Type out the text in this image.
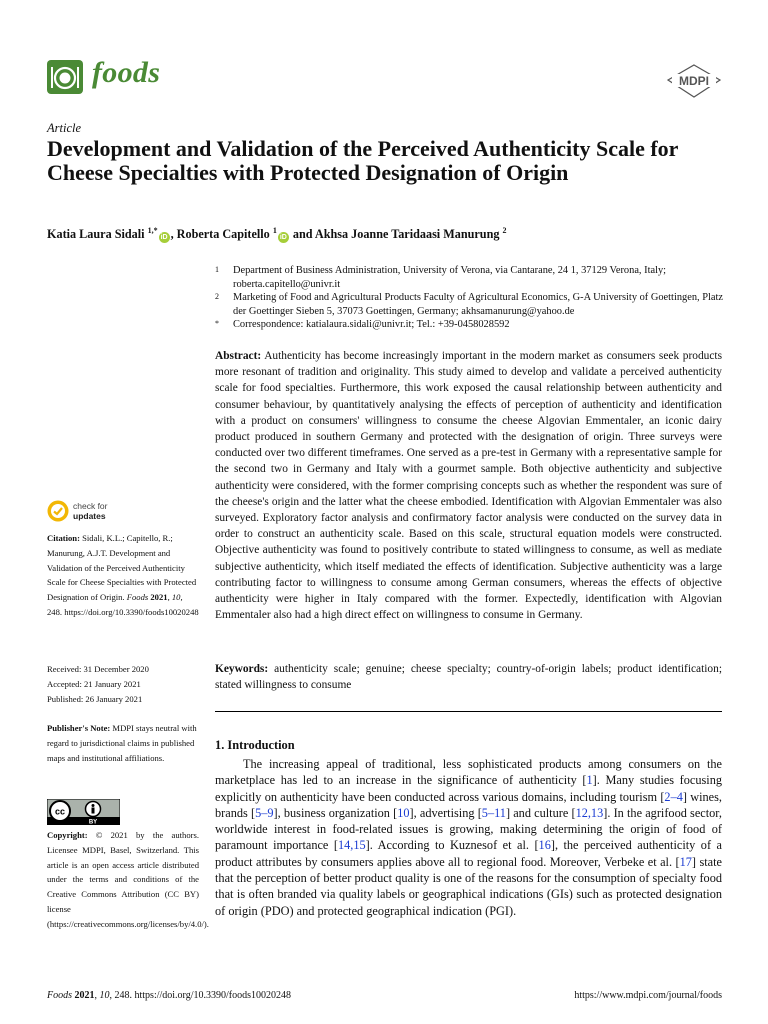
foods	MDPI
Article
Development and Validation of the Perceived Authenticity Scale for Cheese Specialties with Protected Designation of Origin
Katia Laura Sidali $^{1,*}$iD , Roberta Capitello $^1$iD and Akhsa Joanne Taridaasi Manurung $^2$
1	Department of Business Administration, University of Verona, via Cantarane, 24 1, 37129 Verona, Italy; roberta.capitello@univr.it
2	Marketing of Food and Agricultural Products Faculty of Agricultural Economics, G-A University of Goettingen, Platz der Goettinger Sieben 5, 37073 Goettingen, Germany; akhsamanurung@yahoo.de
*	Correspondence: katialaura.sidali@univr.it; Tel.: +39-0458028592
Abstract: Authenticity has become increasingly important in the modern market as consumers seek products more resonant of tradition and originality. This study aimed to develop and validate a perceived authenticity scale for food specialties. Furthermore, this work exposed the causal relationship between authenticity and consumer behaviour, by quantitatively analysing the effects of perception of authenticity and identification with a product on consumers' willingness to consume the cheese Algovian Emmentaler, an iconic dairy product produced in southern Germany and protected with the designation of origin. Three surveys were conducted over two different timeframes. One served as a pre-test in Germany with a representative sample for the second two in Germany and Italy with a gourmet sample. Both objective authenticity and subjective authenticity were considered, with the former comprising concepts such as whether the respondent was sure of the cheese's origin and the latter what the cheese embodied. Identification with Algovian Emmentaler was also surveyed. Exploratory factor analysis and confirmatory factor analysis were conducted on the survey data in order to construct an authenticity scale. Based on this scale, structural equation models were constructed. Objective authenticity was found to positively contribute to stated willingness to consume, as well as mediate subjective authenticity, which itself mediated the effects of identification. Subjective authenticity was a large contributing factor to willingness to consume among German consumers, whereas the effects of objective authenticity were higher in Italy compared with the former. Expectedly, identification with Algovian Emmentaler also had a high direct effect on willingness to consume in Germany.
Keywords: authenticity scale; genuine; cheese specialty; country-of-origin labels; product identification; stated willingness to consume
1. Introduction
The increasing appeal of traditional, less sophisticated products among consumers on the marketplace has led to an increase in the significance of authenticity [1]. Many studies focusing explicitly on authenticity have been conducted across various domains, including tourism [2–4] wines, brands [5–9], business organization [10], advertising [5–11] and culture [12,13]. In the agrifood sector, worldwide interest in food-related issues is growing, making determining the origin of food of paramount importance [14,15]. According to Kuznesof et al. [16], the perceived authenticity of a product attributes by consumers applies above all to regional food. Moreover, Verbeke et al. [17] state that the perception of better product quality is one of the reasons for the consumption of specialty food that is often branded via quality labels or geographical indications (GIs) such as protected designation of origin (PDO) and protected geographical indication (PGI).
check for
updates
Citation: Sidali, K.L.; Capitello, R.; Manurung, A.J.T. Development and Validation of the Perceived Authenticity Scale for Cheese Specialties with Protected Designation of Origin. Foods 2021, 10, 248. https://doi.org/10.3390/foods10020248
Received: 31 December 2020
Accepted: 21 January 2021
Published: 26 January 2021
Publisher's Note: MDPI stays neutral with regard to jurisdictional claims in published maps and institutional affiliations.
cc
BY
Copyright: © 2021 by the authors. Licensee MDPI, Basel, Switzerland. This article is an open access article distributed under the terms and conditions of the Creative Commons Attribution (CC BY) license (https://creativecommons.org/licenses/by/4.0/).
Foods 2021, 10, 248. https://doi.org/10.3390/foods10020248	https://www.mdpi.com/journal/foods
